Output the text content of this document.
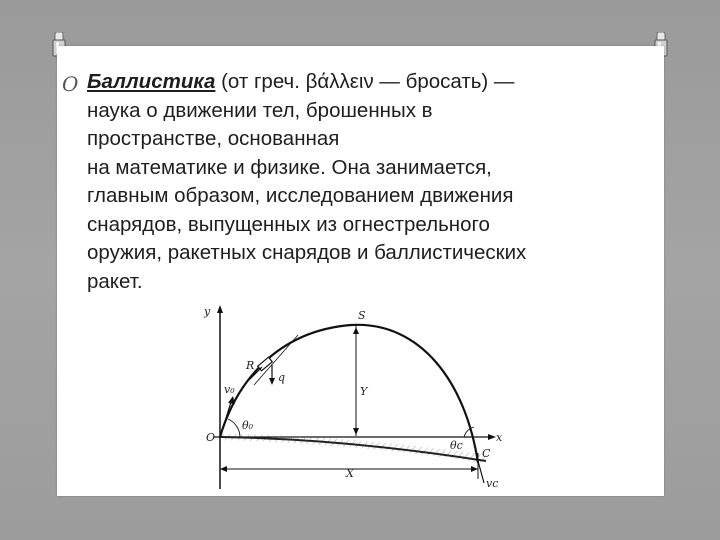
O Баллистика (от греч. βάλλειν — бросать) —
наука о движении тел, брошенных в
пространстве, основанная
на математике и физике. Она занимается,
главным образом, исследованием движения
снарядов, выпущенных из огнестрельного
оружия, ракетных снарядов и баллистических
ракет.
y
x
O
S
Y
X
R
q
v₀
θ₀
θc
C
vc
